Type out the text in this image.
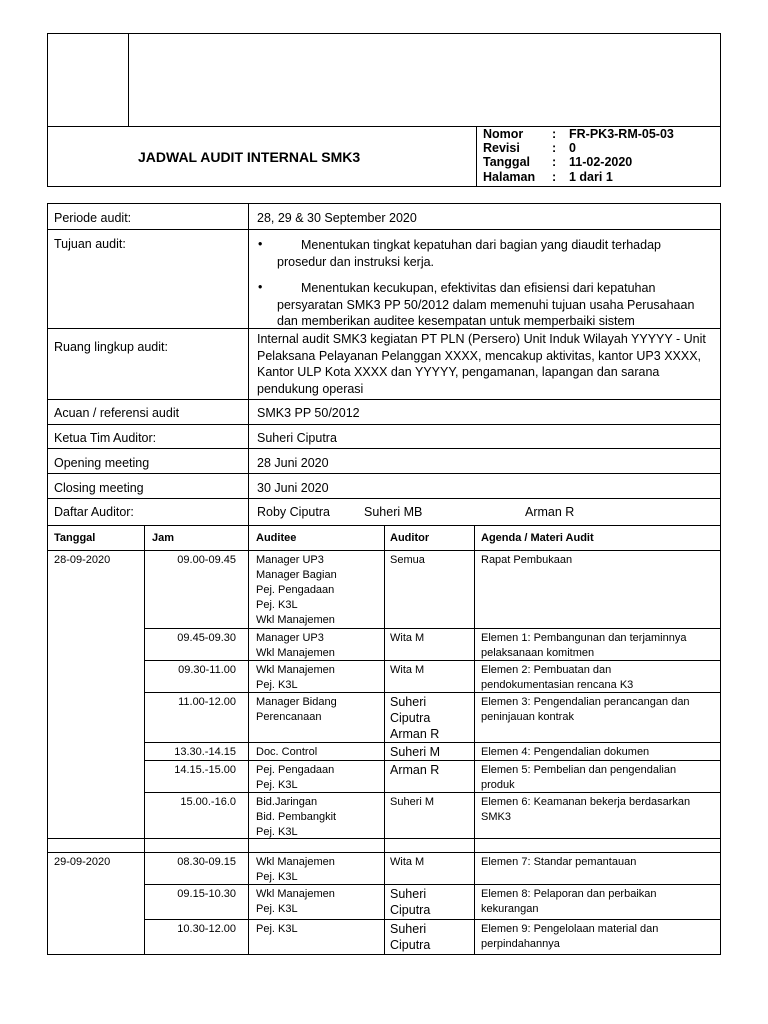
JADWAL AUDIT INTERNAL SMK3
Nomor : FR-PK3-RM-05-03
Revisi	: 0
Tanggal : 11-02-2020
Halaman : 1 dari 1
Periode audit:	28, 29 & 30 September 2020
Tujuan audit:	•	Menentukan tingkat kepatuhan dari bagian yang diaudit terhadap
prosedur dan instruksi kerja.
•	Menentukan kecukupan, efektivitas dan efisiensi dari kepatuhan
persyaratan SMK3 PP 50/2012 dalam memenuhi tujuan usaha Perusahaan
dan memberikan auditee kesempatan untuk memperbaiki sistem
Ruang lingkup audit:
Internal audit SMK3 kegiatan PT PLN (Persero) Unit Induk Wilayah YYYYY - Unit
Pelaksana Pelayanan Pelanggan XXXX, mencakup aktivitas, kantor UP3 XXXX,
Kantor ULP Kota XXXX dan YYYYY, pengamanan, lapangan dan sarana
pendukung operasi
Acuan / referensi audit	SMK3 PP 50/2012
Ketua Tim Auditor:	Suheri Ciputra
Opening meeting	28 Juni 2020
Closing meeting	30 Juni 2020
Daftar Auditor:	Roby Ciputra	Suheri MB	Arman R
Tanggal	Jam	Auditee	Auditor	Agenda / Materi Audit
28-09-2020	09.00-09.45 Manager UP3
Manager Bagian
Pej. Pengadaan
Pej. K3L
Wkl Manajemen
Semua	Rapat Pembukaan
09.45-09.30 Manager UP3
Wkl Manajemen
Wita M	Elemen 1: Pembangunan dan terjaminnya
pelaksanaan komitmen
09.30-11.00 Wkl Manajemen
Pej. K3L
Wita M	Elemen 2: Pembuatan dan
pendokumentasian rencana K3
11.00-12.00 Manager Bidang
Perencanaan
Suheri
Ciputra
Arman R
Elemen 3: Pengendalian perancangan dan
peninjauan kontrak
13.30.-14.15 Doc. Control	Suheri M	Elemen 4: Pengendalian dokumen
14.15.-15.00 Pej. Pengadaan
Pej. K3L
Arman R	Elemen 5: Pembelian dan pengendalian
produk
15.00.-16.0 Bid.Jaringan
Bid. Pembangkit
Pej. K3L
Suheri M	Elemen 6: Keamanan bekerja berdasarkan
SMK3
29-09-2020	08.30-09.15 Wkl Manajemen
Pej. K3L
Wita M	Elemen 7: Standar pemantauan
09.15-10.30 Wkl Manajemen
Pej. K3L
Suheri
Ciputra
Elemen 8: Pelaporan dan perbaikan
kekurangan
10.30-12.00 Pej. K3L	Suheri
Ciputra
Elemen 9: Pengelolaan material dan
perpindahannya
